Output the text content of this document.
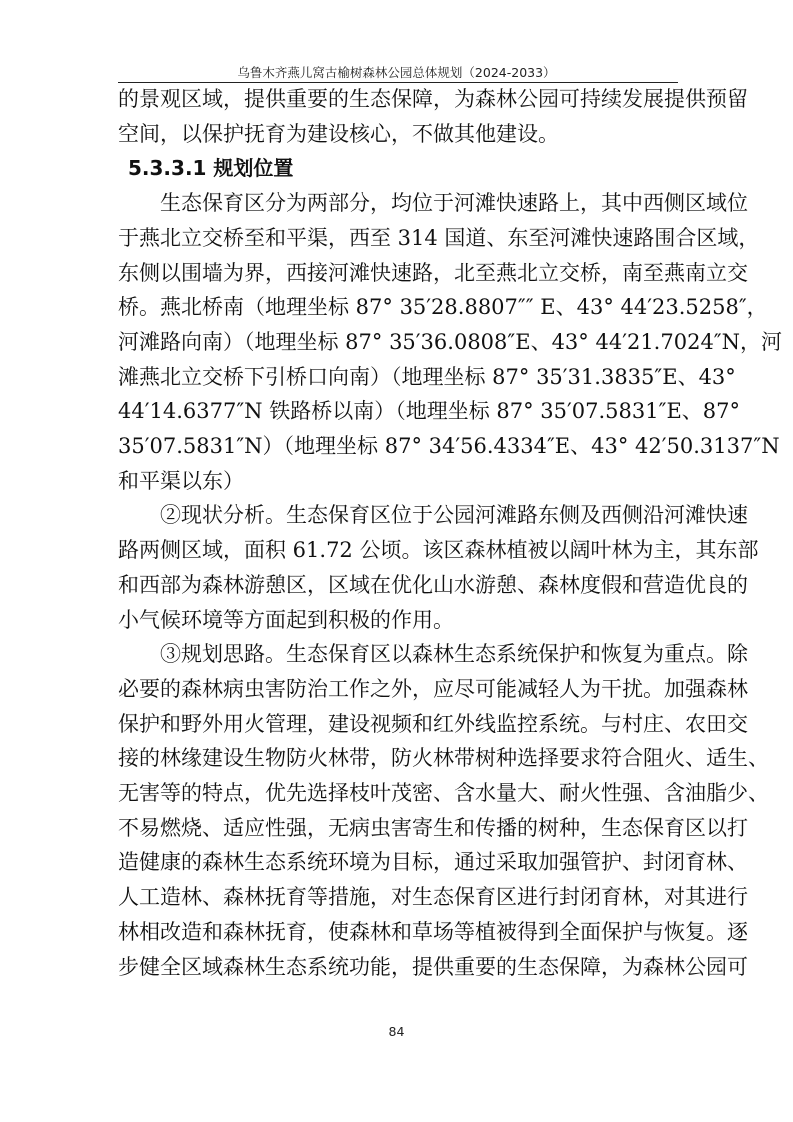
乌鲁木齐燕儿窝古榆树森林公园总体规划（2024-2033）
的景观区域，提供重要的生态保障，为森林公园可持续发展提供预留
空间，以保护抚育为建设核心，不做其他建设。
5.3.3.1 规划位置
生态保育区分为两部分，均位于河滩快速路上，其中西侧区域位
于燕北立交桥至和平渠，西至 314 国道、东至河滩快速路围合区域，
东侧以围墙为界，西接河滩快速路，北至燕北立交桥，南至燕南立交
桥。燕北桥南（地理坐标 87° 35′28.8807″″ E、43° 44′23.5258″，
河滩路向南）（地理坐标 87° 35′36.0808″E、43° 44′21.7024″N，河
滩燕北立交桥下引桥口向南）（地理坐标 87° 35′31.3835″E、43°
44′14.6377″N 铁路桥以南）（地理坐标 87° 35′07.5831″E、87°
35′07.5831″N）（地理坐标 87° 34′56.4334″E、43° 42′50.3137″N
和平渠以东）
②现状分析。生态保育区位于公园河滩路东侧及西侧沿河滩快速
路两侧区域，面积 61.72 公顷。该区森林植被以阔叶林为主，其东部
和西部为森林游憩区，区域在优化山水游憩、森林度假和营造优良的
小气候环境等方面起到积极的作用。
③规划思路。生态保育区以森林生态系统保护和恢复为重点。除
必要的森林病虫害防治工作之外，应尽可能减轻人为干扰。加强森林
保护和野外用火管理，建设视频和红外线监控系统。与村庄、农田交
接的林缘建设生物防火林带，防火林带树种选择要求符合阻火、适生、
无害等的特点，优先选择枝叶茂密、含水量大、耐火性强、含油脂少、
不易燃烧、适应性强，无病虫害寄生和传播的树种，生态保育区以打
造健康的森林生态系统环境为目标，通过采取加强管护、封闭育林、
人工造林、森林抚育等措施，对生态保育区进行封闭育林，对其进行
林相改造和森林抚育，使森林和草场等植被得到全面保护与恢复。逐
步健全区域森林生态系统功能，提供重要的生态保障，为森林公园可
84
